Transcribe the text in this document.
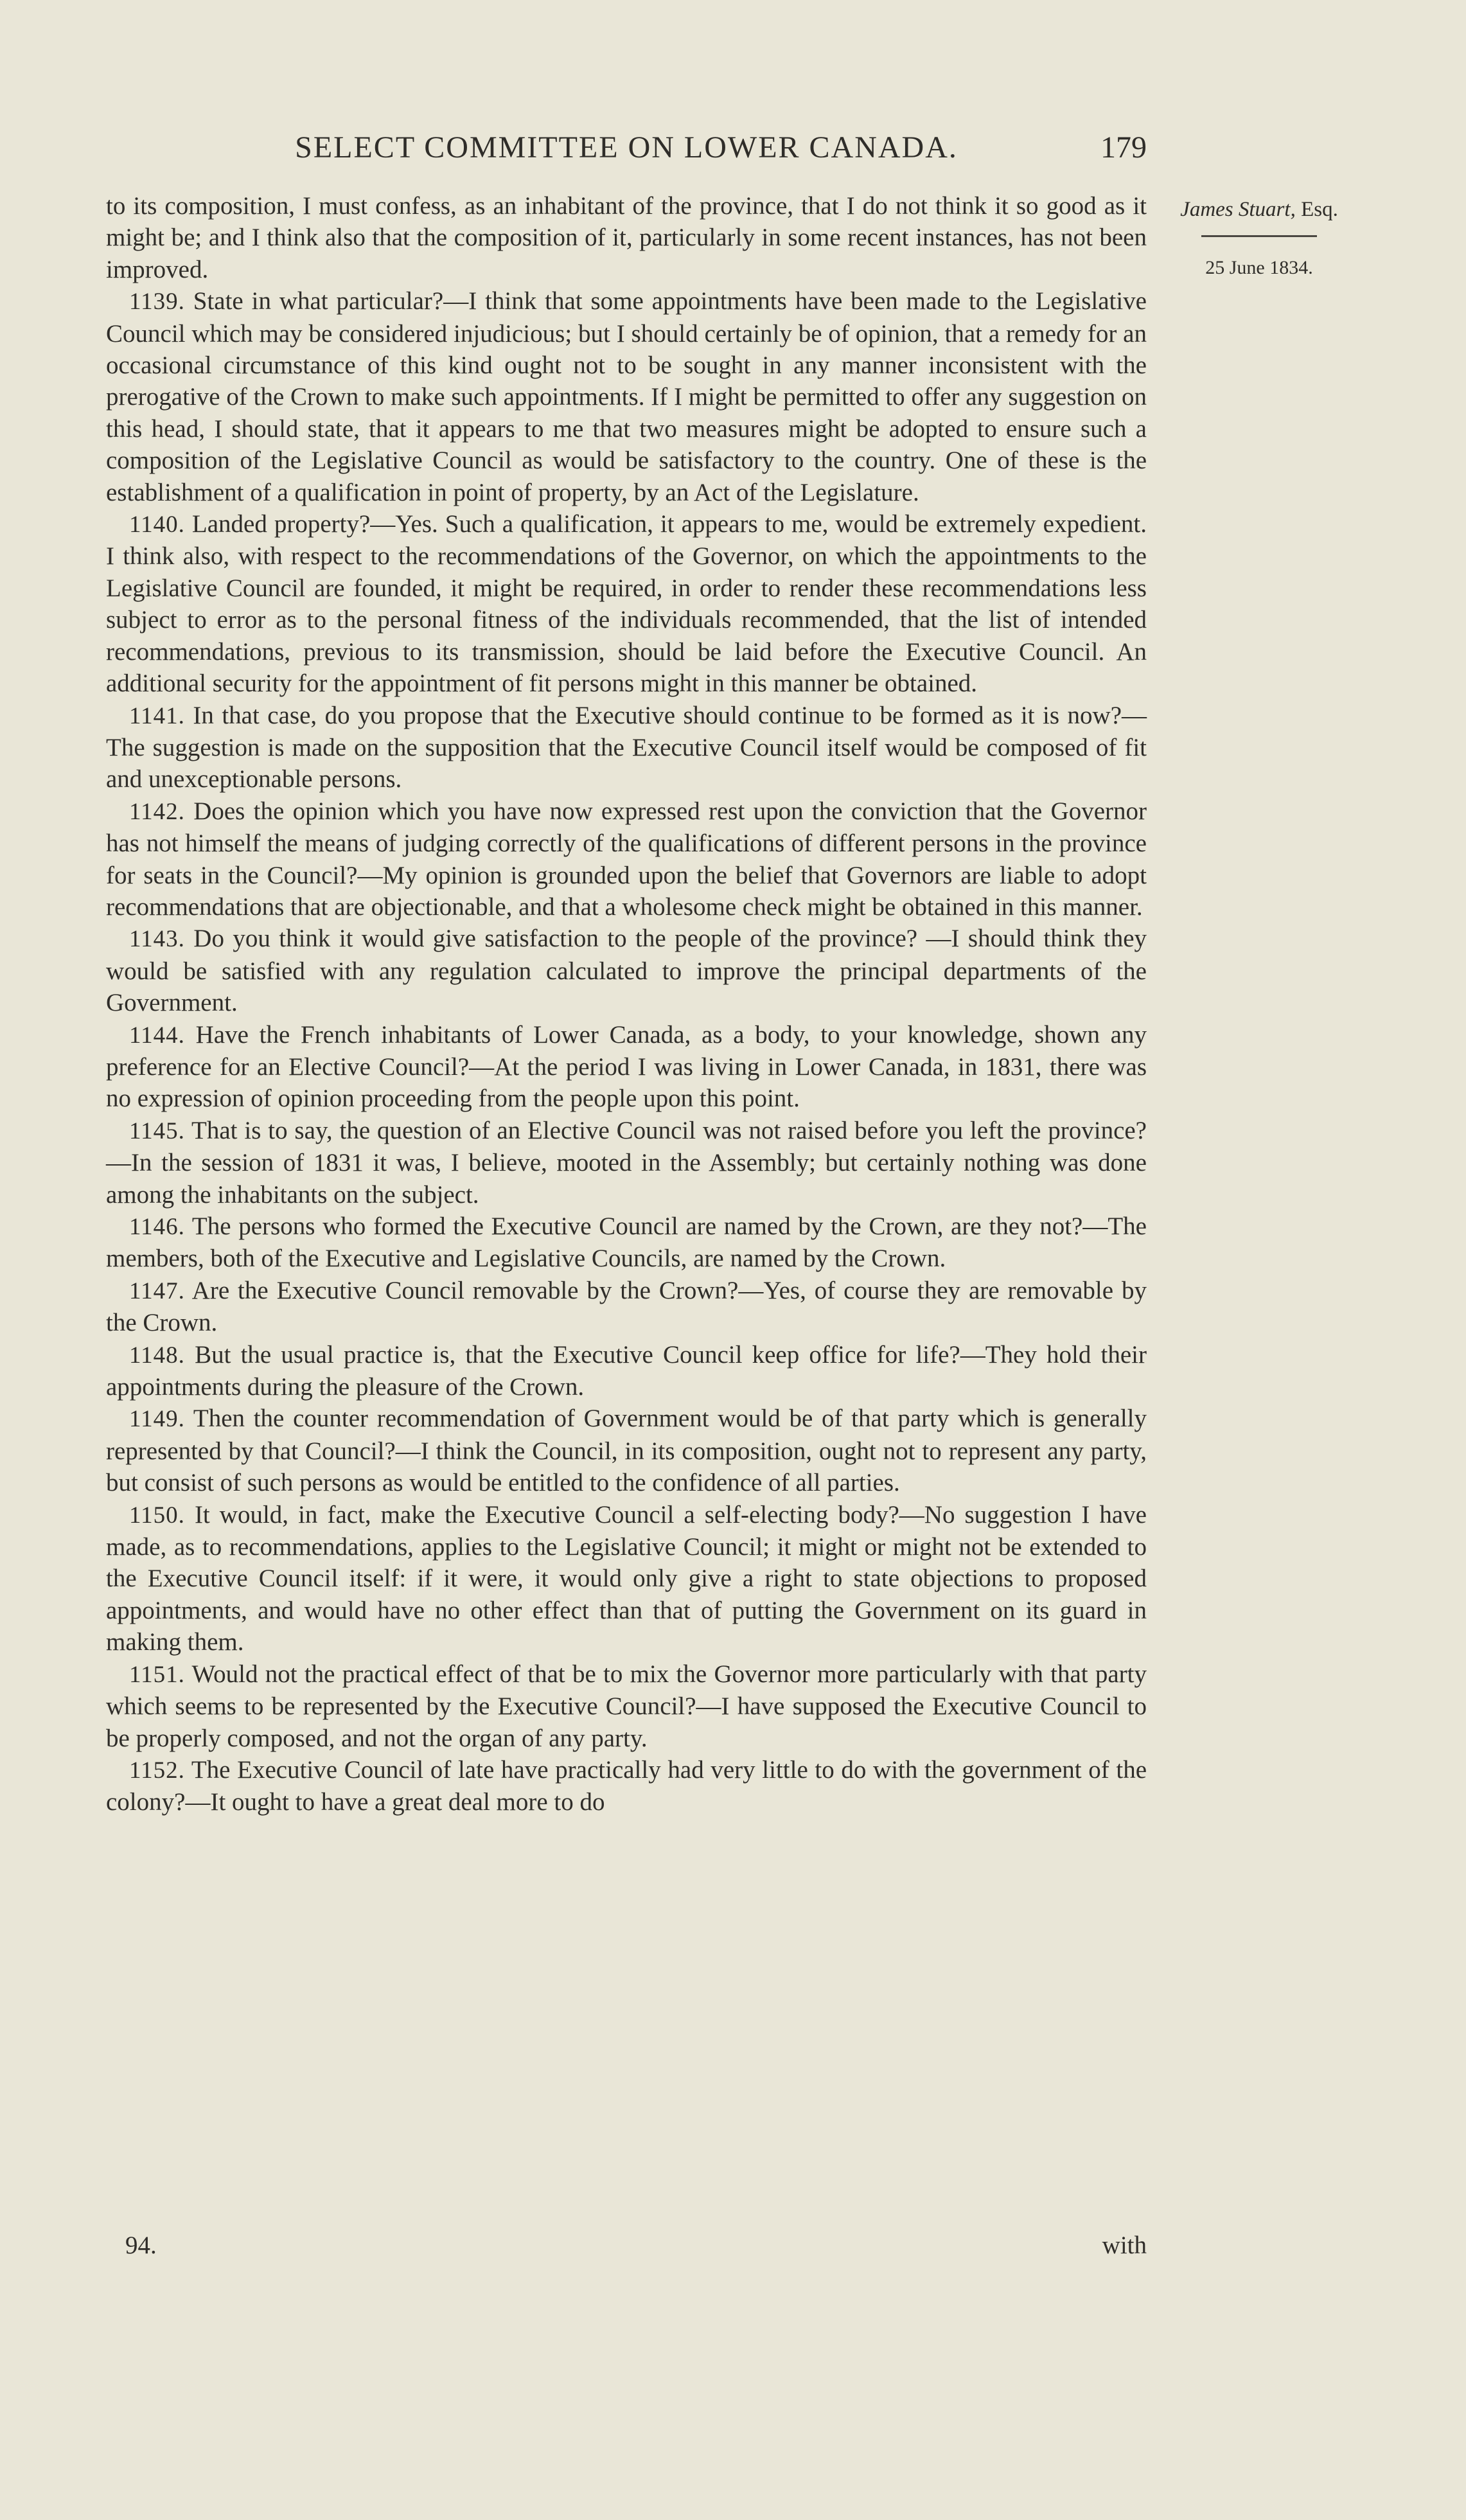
SELECT COMMITTEE ON LOWER CANADA.	179
James Stuart, Esq.
25 June 1834.

to its composition, I must confess, as an inhabitant of the province, that I do not think it so good as it might be; and I think also that the composition of it, particularly in some recent instances, has not been improved.

1139. State in what particular?—I think that some appointments have been made to the Legislative Council which may be considered injudicious; but I should certainly be of opinion, that a remedy for an occasional circumstance of this kind ought not to be sought in any manner inconsistent with the prerogative of the Crown to make such appointments. If I might be permitted to offer any suggestion on this head, I should state, that it appears to me that two measures might be adopted to ensure such a composition of the Legislative Council as would be satisfactory to the country. One of these is the establishment of a qualification in point of property, by an Act of the Legislature.

1140. Landed property?—Yes. Such a qualification, it appears to me, would be extremely expedient. I think also, with respect to the recommendations of the Governor, on which the appointments to the Legislative Council are founded, it might be required, in order to render these recommendations less subject to error as to the personal fitness of the individuals recommended, that the list of intended recommendations, previous to its transmission, should be laid before the Executive Council. An additional security for the appointment of fit persons might in this manner be obtained.

1141. In that case, do you propose that the Executive should continue to be formed as it is now?—The suggestion is made on the supposition that the Executive Council itself would be composed of fit and unexceptionable persons.

1142. Does the opinion which you have now expressed rest upon the conviction that the Governor has not himself the means of judging correctly of the qualifications of different persons in the province for seats in the Council?—My opinion is grounded upon the belief that Governors are liable to adopt recommendations that are objectionable, and that a wholesome check might be obtained in this manner.

1143. Do you think it would give satisfaction to the people of the province? —I should think they would be satisfied with any regulation calculated to improve the principal departments of the Government.

1144. Have the French inhabitants of Lower Canada, as a body, to your knowledge, shown any preference for an Elective Council?—At the period I was living in Lower Canada, in 1831, there was no expression of opinion proceeding from the people upon this point.

1145. That is to say, the question of an Elective Council was not raised before you left the province?—In the session of 1831 it was, I believe, mooted in the Assembly; but certainly nothing was done among the inhabitants on the subject.

1146. The persons who formed the Executive Council are named by the Crown, are they not?—The members, both of the Executive and Legislative Councils, are named by the Crown.

1147. Are the Executive Council removable by the Crown?—Yes, of course they are removable by the Crown.

1148. But the usual practice is, that the Executive Council keep office for life?—They hold their appointments during the pleasure of the Crown.

1149. Then the counter recommendation of Government would be of that party which is generally represented by that Council?—I think the Council, in its composition, ought not to represent any party, but consist of such persons as would be entitled to the confidence of all parties.

1150. It would, in fact, make the Executive Council a self-electing body?—No suggestion I have made, as to recommendations, applies to the Legislative Council; it might or might not be extended to the Executive Council itself: if it were, it would only give a right to state objections to proposed appointments, and would have no other effect than that of putting the Government on its guard in making them.

1151. Would not the practical effect of that be to mix the Governor more particularly with that party which seems to be represented by the Executive Council?—I have supposed the Executive Council to be properly composed, and not the organ of any party.

1152. The Executive Council of late have practically had very little to do with the government of the colony?—It ought to have a great deal more to do

94.	with
